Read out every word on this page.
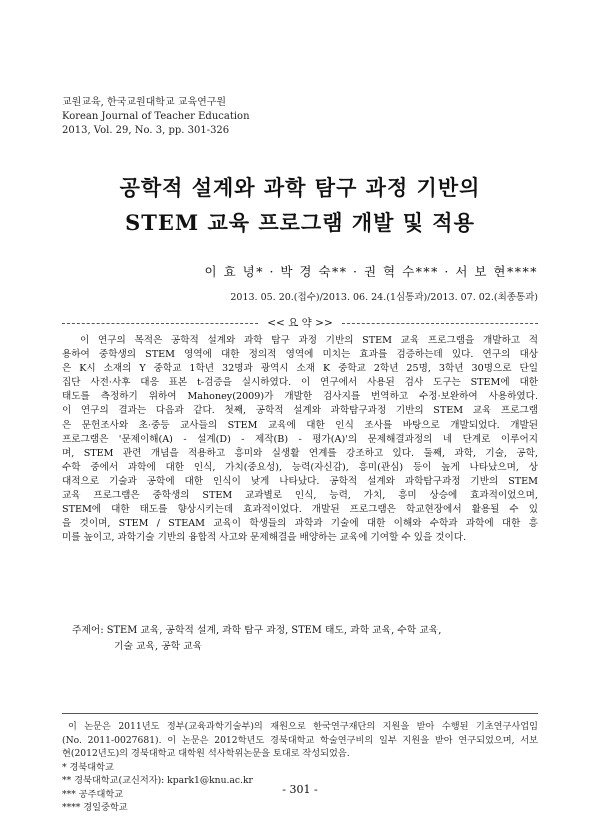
교원교육, 한국교원대학교 교육연구원
Korean Journal of Teacher Education
2013, Vol. 29, No. 3, pp. 301-326
공학적 설계와 과학 탐구 과정 기반의
STEM 교육 프로그램 개발 및 적용
이 효 녕* · 박 경 숙** · 권 혁 수*** · 서 보 현****
2013. 05. 20.(접수)/2013. 06. 24.(1심통과)/2013. 07. 02.(최종통과)
<< 요 약 >>
이 연구의 목적은 공학적 설계와 과학 탐구 과정 기반의 STEM 교육 프로그램을 개발하고 적
용하여 중학생의 STEM 영역에 대한 정의적 영역에 미치는 효과를 검증하는데 있다. 연구의 대상
은 K시 소재의 Y 중학교 1학년 32명과 광역시 소재 K 중학교 2학년 25명, 3학년 30명으로 단일
집단 사전·사후 대응 표본 t-검증을 실시하였다. 이 연구에서 사용된 검사 도구는 STEM에 대한
태도를 측정하기 위하여 Mahoney(2009)가 개발한 검사지를 번역하고 수정·보완하여 사용하였다.
이 연구의 결과는 다음과 같다. 첫째, 공학적 설계와 과학탐구과정 기반의 STEM 교육 프로그램
은 문헌조사와 초·중등 교사들의 STEM 교육에 대한 인식 조사를 바탕으로 개발되었다. 개발된
프로그램은 '문제이해(A) - 설계(D) - 제작(B) - 평가(A)'의 문제해결과정의 네 단계로 이루어지
며, STEM 관련 개념을 적용하고 흥미와 실생활 연계를 강조하고 있다. 둘째, 과학, 기술, 공학,
수학 중에서 과학에 대한 인식, 가치(중요성), 능력(자신감), 흥미(관심) 등이 높게 나타났으며, 상
대적으로 기술과 공학에 대한 인식이 낮게 나타났다. 공학적 설계와 과학탐구과정 기반의 STEM
교육 프로그램은 중학생의 STEM 교과별로 인식, 능력, 가치, 흥미 상승에 효과적이었으며,
STEM에 대한 태도를 향상시키는데 효과적이었다. 개발된 프로그램은 학교현장에서 활용될 수 있
을 것이며, STEM / STEAM 교육이 학생들의 과학과 기술에 대한 이해와 수학과 과학에 대한 흥
미를 높이고, 과학기술 기반의 융합적 사고와 문제해결을 배양하는 교육에 기여할 수 있을 것이다.
주제어: STEM 교육, 공학적 설계, 과학 탐구 과정, STEM 태도, 과학 교육, 수학 교육,
기술 교육, 공학 교육
이 논문은 2011년도 정부(교육과학기술부)의 재원으로 한국연구재단의 지원을 받아 수행된 기초연구사업임
(No. 2011-0027681). 이 논문은 2012학년도 경북대학교 학술연구비의 일부 지원을 받아 연구되었으며, 서보
현(2012년도)의 경북대학교 대학원 석사학위논문을 토대로 작성되었음.
* 경북대학교
** 경북대학교(교신저자): kpark1@knu.ac.kr
*** 공주대학교
**** 경일중학교
- 301 -
